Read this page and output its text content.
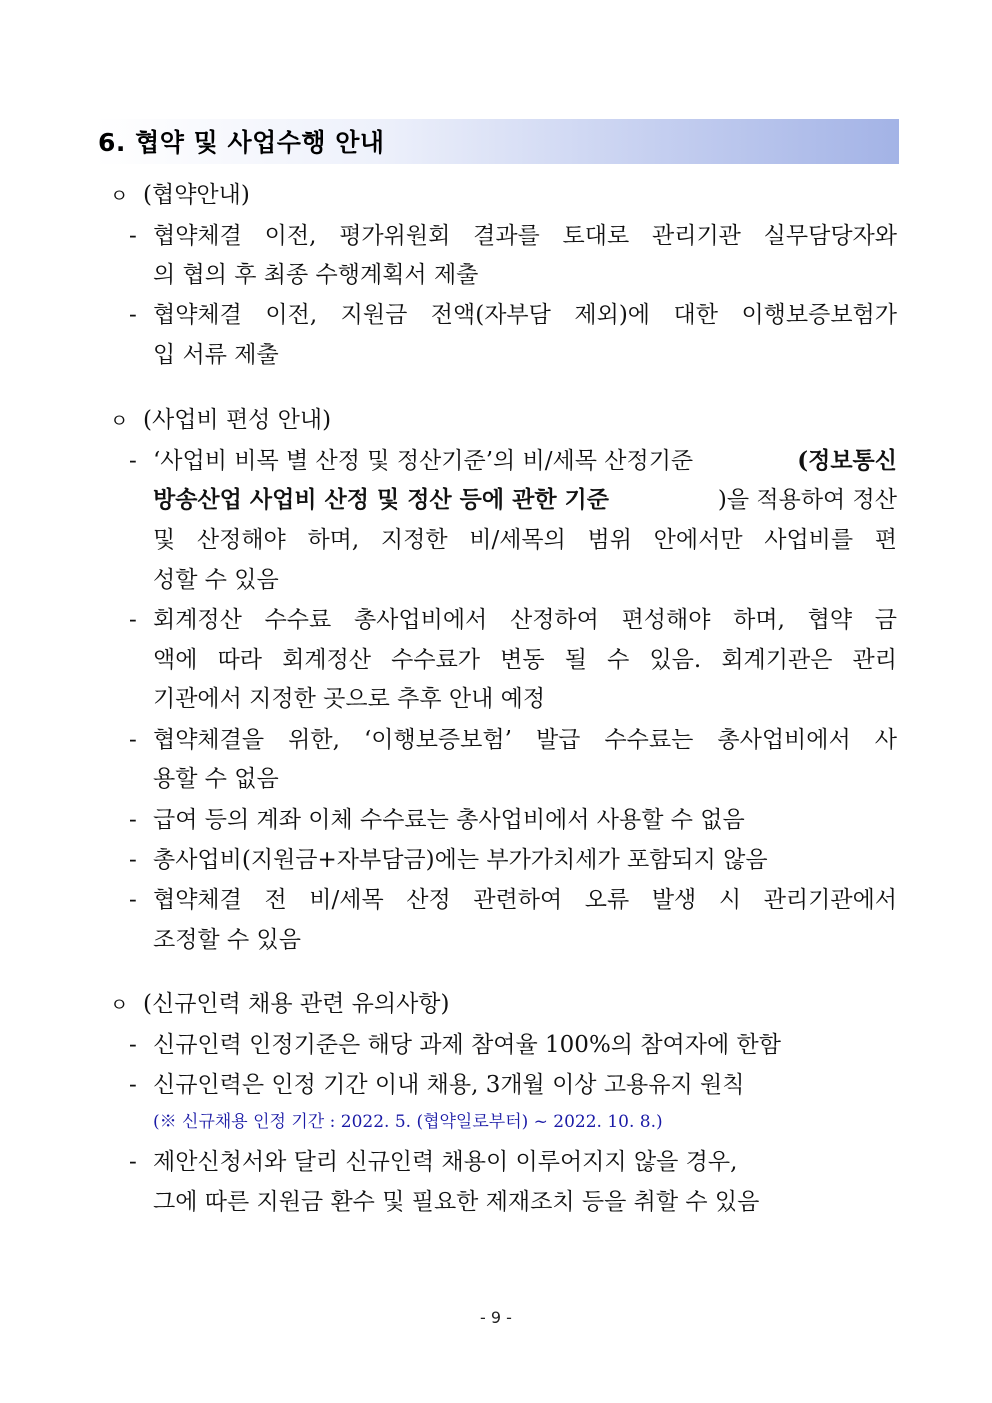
6. 협약 및 사업수행 안내
ㅇ (협약안내)
- 협약체결 이전, 평가위원회 결과를 토대로 관리기관 실무담당자와
의 협의 후 최종 수행계획서 제출
- 협약체결 이전, 지원금 전액(자부담 제외)에 대한 이행보증보험가
입 서류 제출
ㅇ (사업비 편성 안내)
- ‘사업비 비목 별 산정 및 정산기준’의 비/세목 산정기준	(정보통신
방송산업 사업비 산정 및 정산 등에 관한 기준	)을 적용하여 정산
및 산정해야 하며, 지정한 비/세목의 범위 안에서만 사업비를 편
성할 수 있음
- 회계정산 수수료 총사업비에서 산정하여 편성해야 하며, 협약 금
액에 따라 회계정산 수수료가 변동 될 수 있음. 회계기관은 관리
기관에서 지정한 곳으로 추후 안내 예정
- 협약체결을 위한, ‘이행보증보험’ 발급 수수료는 총사업비에서 사
용할 수 없음
- 급여 등의 계좌 이체 수수료는 총사업비에서 사용할 수 없음
- 총사업비(지원금+자부담금)에는 부가가치세가 포함되지 않음
- 협약체결 전 비/세목 산정 관련하여 오류 발생 시 관리기관에서
조정할 수 있음
ㅇ (신규인력 채용 관련 유의사항)
- 신규인력 인정기준은 해당 과제 참여율 100%의 참여자에 한함
- 신규인력은 인정 기간 이내 채용, 3개월 이상 고용유지 원칙
(※ 신규채용 인정 기간 : 2022. 5. (협약일로부터) ~ 2022. 10. 8.)
- 제안신청서와 달리 신규인력 채용이 이루어지지 않을 경우,
그에 따른 지원금 환수 및 필요한 제재조치 등을 취할 수 있음
- 9 -
